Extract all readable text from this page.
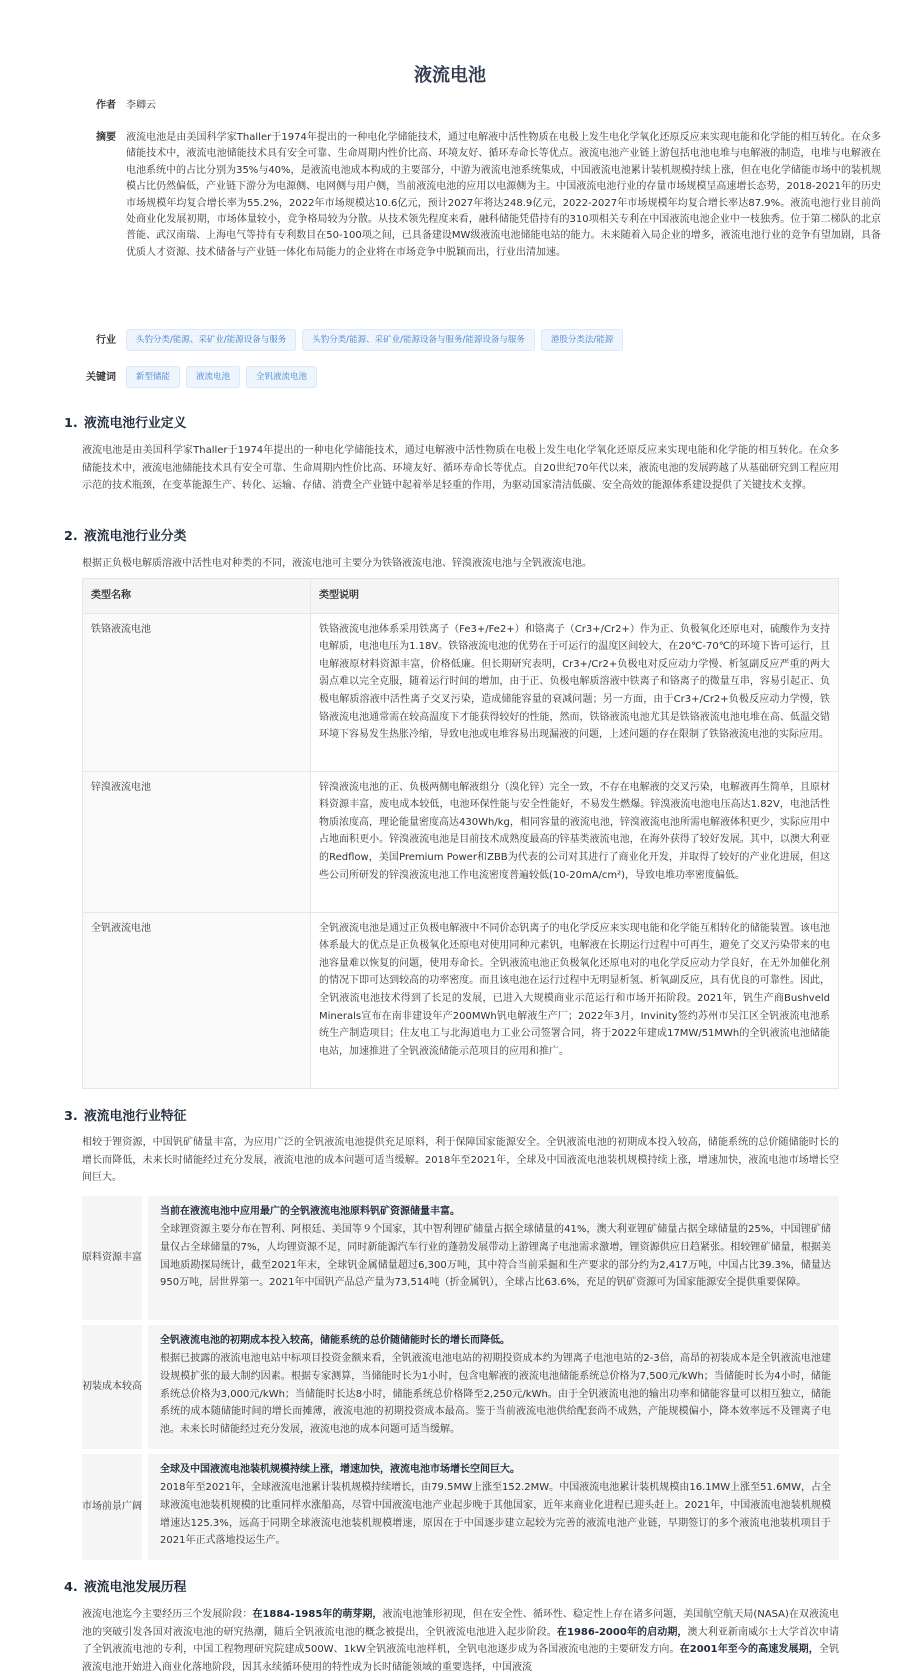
液流电池
作者 李卿云
摘要 液流电池是由美国科学家Thaller于1974年提出的一种电化学储能技术，通过电解液中活性物质在电极上发生电化学氧化还原反应来实现电能和化学能的相互转化。在众多储能技术中，液流电池储能技术具有安全可靠、生命周期内性价比高、环境友好、循环寿命长等优点。液流电池产业链上游包括电池电堆与电解液的制造，电堆与电解液在电池系统中的占比分别为35%与40%，是液流电池成本构成的主要部分，中游为液流电池系统集成，中国液流电池累计装机规模持续上涨，但在电化学储能市场中的装机规模占比仍然偏低，产业链下游分为电源侧、电网侧与用户侧，当前液流电池的应用以电源侧为主。中国液流电池行业的存量市场规模呈高速增长态势，2018-2021年的历史市场规模年均复合增长率为55.2%，2022年市场规模达10.6亿元，预计2027年将达248.9亿元，2022-2027年市场规模年均复合增长率达87.9%。液流电池行业目前尚处商业化发展初期，市场体量较小，竞争格局较为分散。从技术领先程度来看，融科储能凭借持有的310项相关专利在中国液流电池企业中一枝独秀。位于第二梯队的北京普能、武汉南瑞、上海电气等持有专利数目在50-100项之间，已具备建设MW级液流电池储能电站的能力。未来随着入局企业的增多，液流电池行业的竞争有望加剧，具备优质人才资源、技术储备与产业链一体化布局能力的企业将在市场竞争中脱颖而出，行业出清加速。
行业	头豹分类/能源、采矿业/能源设备与服务	头豹分类/能源、采矿业/能源设备与服务/能源设备与服务	港股分类法/能源
关键词	新型储能	液流电池	全钒液流电池
1. 液流电池行业定义
液流电池是由美国科学家Thaller于1974年提出的一种电化学储能技术，通过电解液中活性物质在电极上发生电化学氧化还原反应来实现电能和化学能的相互转化。在众多储能技术中，液流电池储能技术具有安全可靠、生命周期内性价比高、环境友好、循环寿命长等优点。自20世纪70年代以来，液流电池的发展跨越了从基础研究到工程应用示范的技术瓶颈，在变革能源生产、转化、运输、存储、消费全产业链中起着举足轻重的作用，为驱动国家清洁低碳、安全高效的能源体系建设提供了关键技术支撑。
2. 液流电池行业分类
根据正负极电解质溶液中活性电对种类的不同，液流电池可主要分为铁铬液流电池、锌溴液流电池与全钒液流电池。
类型名称	类型说明
铁铬液流电池	铁铬液流电池体系采用铁离子（Fe3+/Fe2+）和铬离子（Cr3+/Cr2+）作为正、负极氧化还原电对，硫酸作为支持电解质，电池电压为1.18V。铁铬液流电池的优势在于可运行的温度区间较大，在20℃-70℃的环境下皆可运行，且电解液原材料资源丰富，价格低廉。但长期研究表明，Cr3+/Cr2+负极电对反应动力学慢、析氢副反应严重的两大弱点难以完全克服，随着运行时间的增加，由于正、负极电解质溶液中铁离子和铬离子的微量互串，容易引起正、负极电解质溶液中活性离子交叉污染，造成储能容量的衰减问题；另一方面，由于Cr3+/Cr2+负极反应动力学慢，铁铬液流电池通常需在较高温度下才能获得较好的性能，然而，铁铬液流电池尤其是铁铬液流电池电堆在高、低温交错环境下容易发生热胀冷缩，导致电池或电堆容易出现漏液的问题，上述问题的存在限制了铁铬液流电池的实际应用。
锌溴液流电池	锌溴液流电池的正、负极两侧电解液组分（溴化锌）完全一致，不存在电解液的交叉污染，电解液再生简单，且原材料资源丰富，废电成本较低，电池环保性能与安全性能好，不易发生燃爆。锌溴液流电池电压高达1.82V，电池活性物质浓度高，理论能量密度高达430Wh/kg，相同容量的液流电池，锌溴液流电池所需电解液体积更少，实际应用中占地面积更小。锌溴液流电池是目前技术成熟度最高的锌基类液流电池，在海外获得了较好发展。其中，以澳大利亚的Redflow，美国Premium Power和ZBB为代表的公司对其进行了商业化开发，并取得了较好的产业化进展，但这些公司所研发的锌溴液流电池工作电流密度普遍较低(10-20mA/cm²)，导致电堆功率密度偏低。
全钒液流电池	全钒液流电池是通过正负极电解液中不同价态钒离子的电化学反应来实现电能和化学能互相转化的储能装置。该电池体系最大的优点是正负极氧化还原电对使用同种元素钒，电解液在长期运行过程中可再生，避免了交叉污染带来的电池容量难以恢复的问题，使用寿命长。全钒液流电池正负极氧化还原电对的电化学反应动力学良好，在无外加催化剂的情况下即可达到较高的功率密度。而且该电池在运行过程中无明显析氢、析氧副反应，具有优良的可靠性。因此，全钒液流电池技术得到了长足的发展，已进入大规模商业示范运行和市场开拓阶段。2021年，钒生产商Bushveld Minerals宣布在南非建设年产200MWh钒电解液生产厂；2022年3月，Invinity签约苏州市吴江区全钒液流电池系统生产制造项目；住友电工与北海道电力工业公司签署合同，将于2022年建成17MW/51MWh的全钒液流电池储能电站，加速推进了全钒液流储能示范项目的应用和推广。
3. 液流电池行业特征
相较于锂资源，中国钒矿储量丰富，为应用广泛的全钒液流电池提供充足原料，利于保障国家能源安全。全钒液流电池的初期成本投入较高，储能系统的总价随储能时长的增长而降低，未来长时储能经过充分发展，液流电池的成本问题可适当缓解。2018年至2021年，全球及中国液流电池装机规模持续上涨，增速加快，液流电池市场增长空间巨大。
原料资源丰富
当前在液流电池中应用最广的全钒液流电池原料钒矿资源储量丰富。
全球锂资源主要分布在智利、阿根廷、美国等９个国家，其中智利锂矿储量占据全球储量的41%，澳大利亚锂矿储量占据全球储量的25%，中国锂矿储量仅占全球储量的7%，人均锂资源不足，同时新能源汽车行业的蓬勃发展带动上游锂离子电池需求激增，锂资源供应日趋紧张。相较锂矿储量，根据美国地质勘探局统计，截至2021年末，全球钒金属储量超过6,300万吨，其中符合当前采掘和生产要求的部分约为2,417万吨，中国占比39.3%，储量达950万吨，居世界第一。2021年中国钒产品总产量为73,514吨（折金属钒），全球占比63.6%，充足的钒矿资源可为国家能源安全提供重要保障。
初装成本较高
全钒液流电池的初期成本投入较高，储能系统的总价随储能时长的增长而降低。
根据已披露的液流电池电站中标项目投资金额来看，全钒液流电池电站的初期投资成本约为锂离子电池电站的2-3倍，高昂的初装成本是全钒液流电池建设规模扩张的最大制约因素。根据专家测算，当储能时长为1小时，包含电解液的液流电池储能系统总价格为7,500元/kWh；当储能时长为4小时，储能系统总价格为3,000元/kWh；当储能时长达8小时，储能系统总价格降至2,250元/kWh。由于全钒液流电池的输出功率和储能容量可以相互独立，储能系统的成本随储能时间的增长而摊薄，液流电池的初期投资成本最高。鉴于当前液流电池供给配套尚不成熟，产能规模偏小，降本效率远不及锂离子电池。未来长时储能经过充分发展，液流电池的成本问题可适当缓解。
市场前景广阔
全球及中国液流电池装机规模持续上涨，增速加快，液流电池市场增长空间巨大。
2018年至2021年，全球液流电池累计装机规模持续增长，由79.5MW上涨至152.2MW。中国液流电池累计装机规模由16.1MW上涨至51.6MW，占全球液流电池装机规模的比重同样水涨船高，尽管中国液流电池产业起步晚于其他国家，近年来商业化进程已迎头赶上。2021年，中国液流电池装机规模增速达125.3%，远高于同期全球液流电池装机规模增速，原因在于中国逐步建立起较为完善的液流电池产业链，早期签订的多个液流电池装机项目于2021年正式落地投运生产。
4. 液流电池发展历程
液流电池迄今主要经历三个发展阶段：在1884-1985年的萌芽期，液流电池雏形初现，但在安全性、循环性、稳定性上存在诸多问题，美国航空航天局(NASA)在双液流电池的突破引发各国对液流电池的研究热潮，随后全钒液流电池的概念被提出，全钒液流电池进入起步阶段。在1986-2000年的启动期，澳大利亚新南威尔士大学首次申请了全钒液流电池的专利，中国工程物理研究院建成500W、1kW全钒液流电池样机，全钒电池逐步成为各国液流电池的主要研发方向。在2001年至今的高速发展期，全钒液流电池开始进入商业化落地阶段，因其永续循环使用的特性成为长时储能领域的重要选择，中国液流
